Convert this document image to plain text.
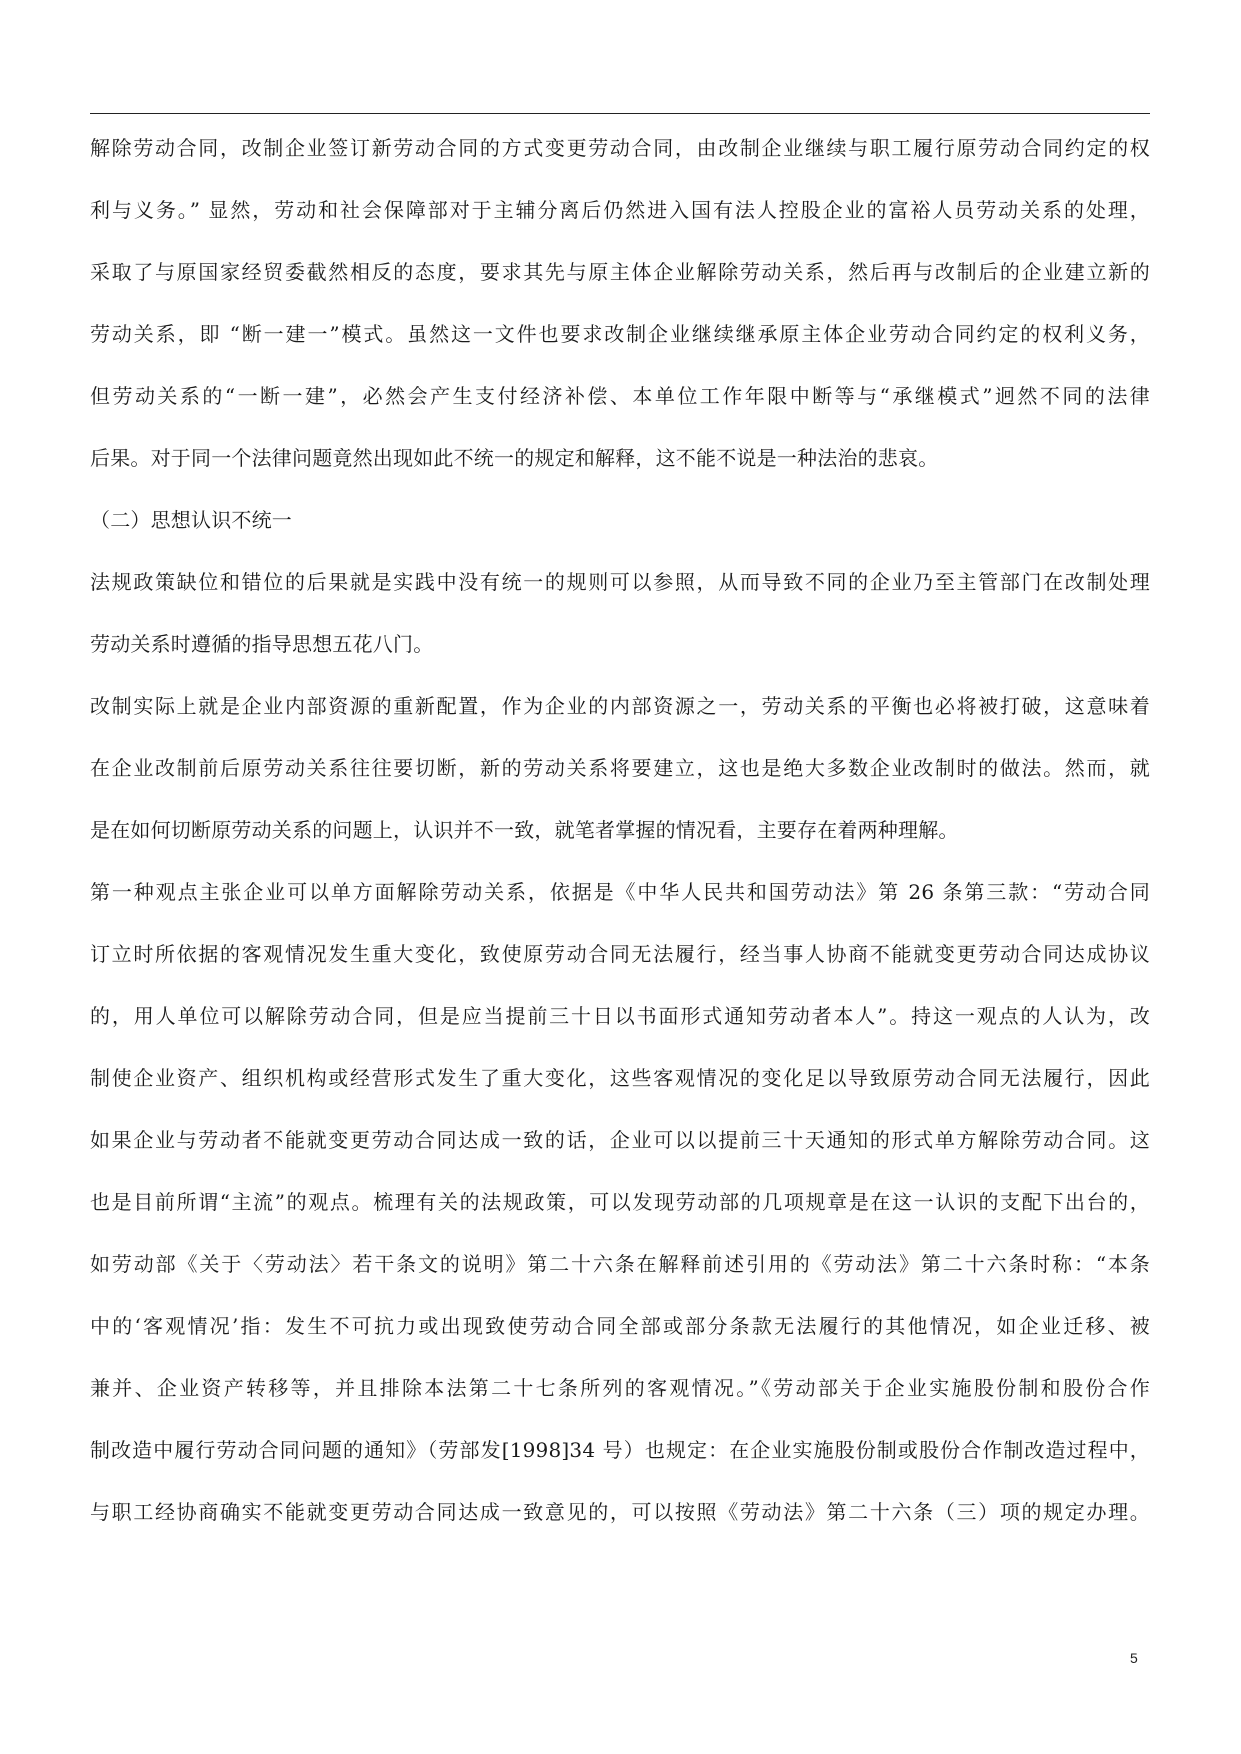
解除劳动合同，改制企业签订新劳动合同的方式变更劳动合同，由改制企业继续与职工履行原劳动合同约定的权
利与义务。” 显然，劳动和社会保障部对于主辅分离后仍然进入国有法人控股企业的富裕人员劳动关系的处理，
采取了与原国家经贸委截然相反的态度，要求其先与原主体企业解除劳动关系，然后再与改制后的企业建立新的
劳动关系，即 “断一建一”模式。虽然这一文件也要求改制企业继续继承原主体企业劳动合同约定的权利义务，
但劳动关系的“一断一建”，必然会产生支付经济补偿、本单位工作年限中断等与“承继模式”迥然不同的法律
后果。对于同一个法律问题竟然出现如此不统一的规定和解释，这不能不说是一种法治的悲哀。
（二）思想认识不统一
法规政策缺位和错位的后果就是实践中没有统一的规则可以参照，从而导致不同的企业乃至主管部门在改制处理
劳动关系时遵循的指导思想五花八门。
改制实际上就是企业内部资源的重新配置，作为企业的内部资源之一，劳动关系的平衡也必将被打破，这意味着
在企业改制前后原劳动关系往往要切断，新的劳动关系将要建立，这也是绝大多数企业改制时的做法。然而，就
是在如何切断原劳动关系的问题上，认识并不一致，就笔者掌握的情况看，主要存在着两种理解。
第一种观点主张企业可以单方面解除劳动关系，依据是《中华人民共和国劳动法》第 26 条第三款：“劳动合同
订立时所依据的客观情况发生重大变化，致使原劳动合同无法履行，经当事人协商不能就变更劳动合同达成协议
的，用人单位可以解除劳动合同，但是应当提前三十日以书面形式通知劳动者本人”。持这一观点的人认为，改
制使企业资产、组织机构或经营形式发生了重大变化，这些客观情况的变化足以导致原劳动合同无法履行，因此
如果企业与劳动者不能就变更劳动合同达成一致的话，企业可以以提前三十天通知的形式单方解除劳动合同。这
也是目前所谓“主流”的观点。梳理有关的法规政策，可以发现劳动部的几项规章是在这一认识的支配下出台的，
如劳动部《关于〈劳动法〉若干条文的说明》第二十六条在解释前述引用的《劳动法》第二十六条时称：“本条
中的‘客观情况’指：发生不可抗力或出现致使劳动合同全部或部分条款无法履行的其他情况，如企业迁移、被
兼并、企业资产转移等，并且排除本法第二十七条所列的客观情况。”《劳动部关于企业实施股份制和股份合作
制改造中履行劳动合同问题的通知》（劳部发[1998]34 号）也规定：在企业实施股份制或股份合作制改造过程中，
与职工经协商确实不能就变更劳动合同达成一致意见的，可以按照《劳动法》第二十六条（三）项的规定办理。
5
